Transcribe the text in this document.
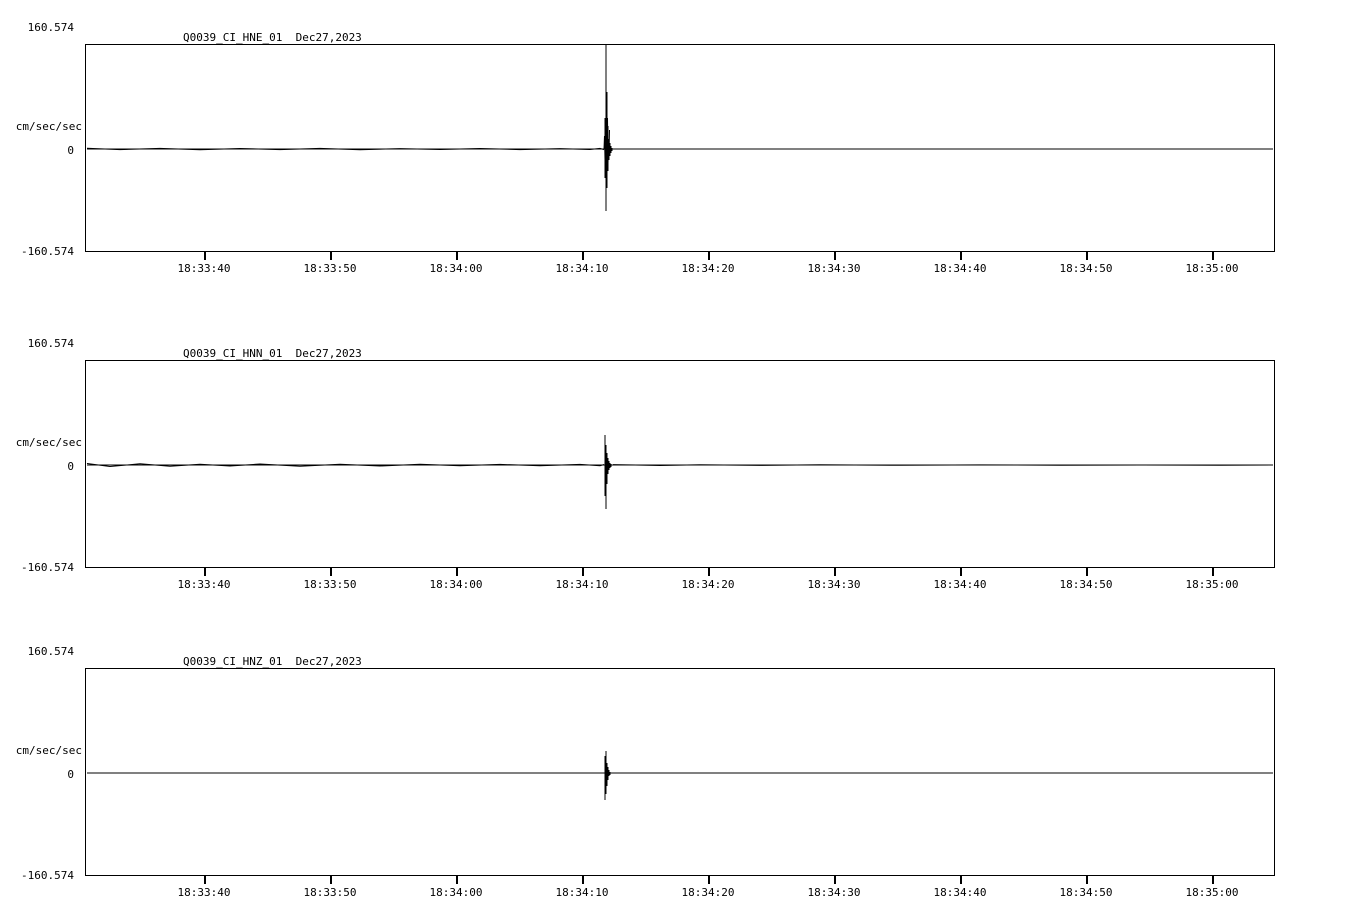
Q0039_CI_HNE_01  Dec27,2023
cm/sec/sec
160.574
0
-160.574
18:33:40	18:33:50	18:34:00	18:34:10	18:34:20	18:34:30	18:34:40	18:34:50	18:35:00
Q0039_CI_HNN_01  Dec27,2023
cm/sec/sec
160.574
0
-160.574
18:33:40	18:33:50	18:34:00	18:34:10	18:34:20	18:34:30	18:34:40	18:34:50	18:35:00
Q0039_CI_HNZ_01  Dec27,2023
cm/sec/sec
160.574
0
-160.574
18:33:40	18:33:50	18:34:00	18:34:10	18:34:20	18:34:30	18:34:40	18:34:50	18:35:00
